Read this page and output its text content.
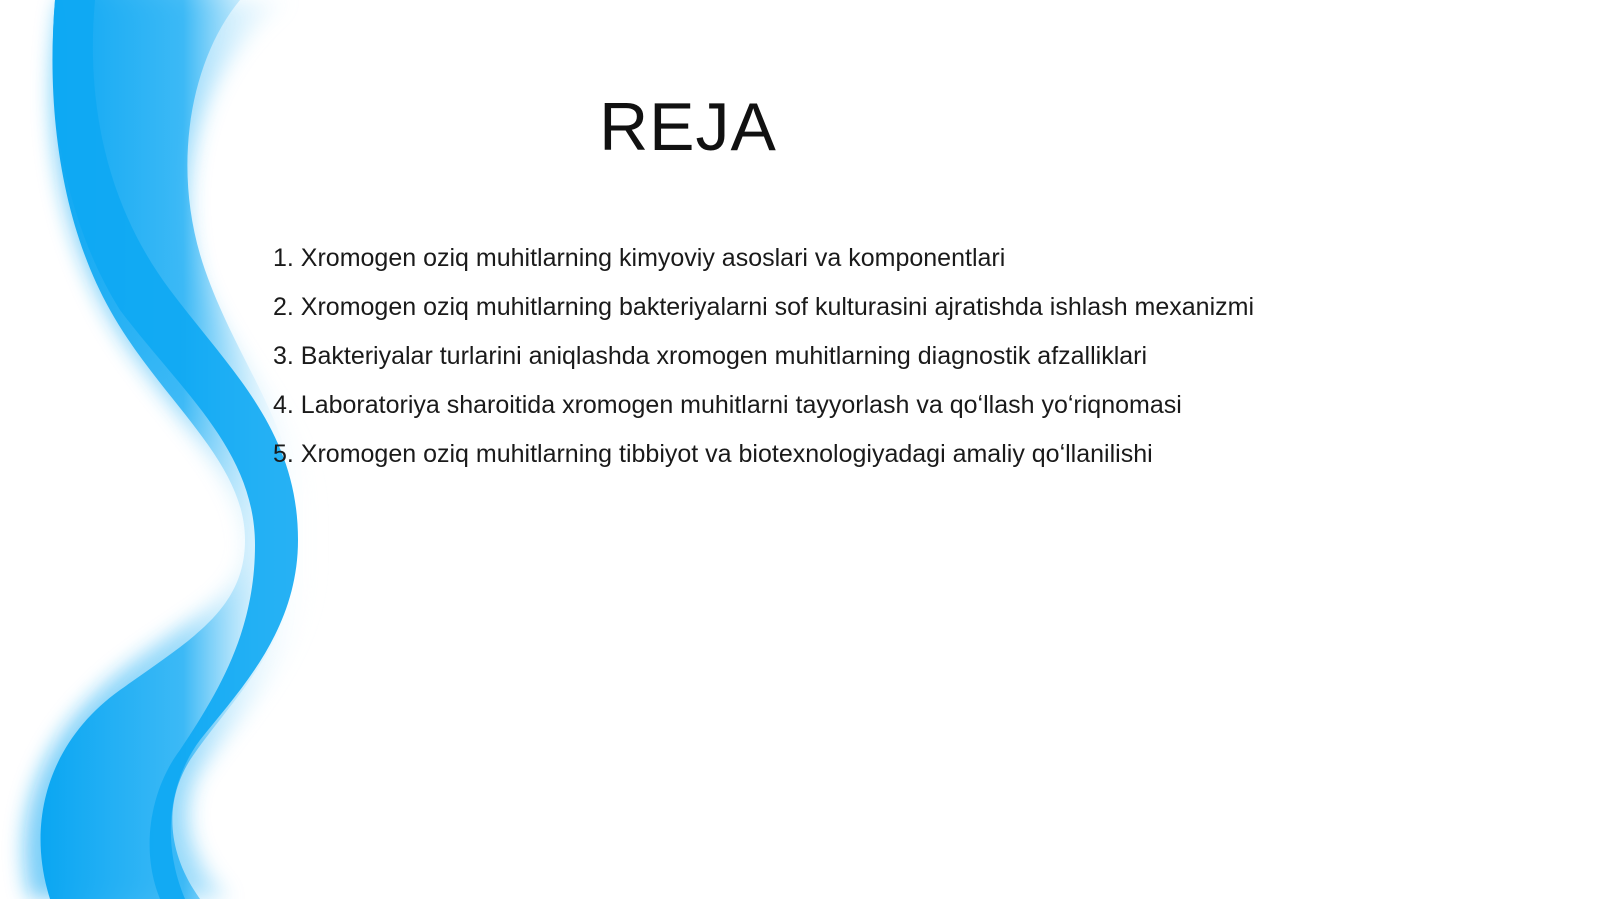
REJA
1. Xromogen oziq muhitlarning kimyoviy asoslari va komponentlari
2. Xromogen oziq muhitlarning bakteriyalarni sof kulturasini ajratishda ishlash mexanizmi
3. Bakteriyalar turlarini aniqlashda xromogen muhitlarning diagnostik afzalliklari
4. Laboratoriya sharoitida xromogen muhitlarni tayyorlash va qoʻllash yoʻriqnomasi
5. Xromogen oziq muhitlarning tibbiyot va biotexnologiyadagi amaliy qoʻllanilishi
